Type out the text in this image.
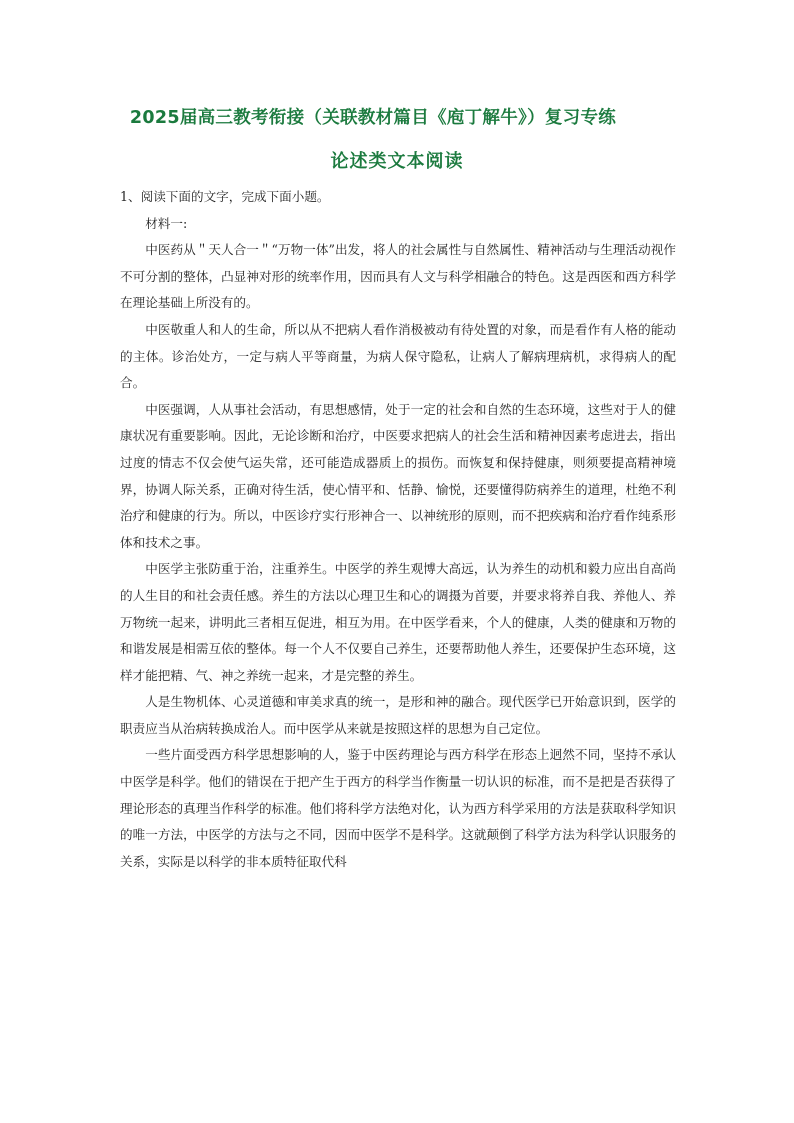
2025届高三教考衔接（关联教材篇目《庖丁解牛》）复习专练
论述类文本阅读

1、阅读下面的文字，完成下面小题。

材料一:

中医药从＂天人合一＂“万物一体”出发，将人的社会属性与自然属性、精神活动与生理活动视作不可分割的整体，凸显神对形的统率作用，因而具有人文与科学相融合的特色。这是西医和西方科学在理论基础上所没有的。

中医敬重人和人的生命，所以从不把病人看作消极被动有待处置的对象，而是看作有人格的能动的主体。诊治处方，一定与病人平等商量，为病人保守隐私，让病人了解病理病机，求得病人的配合。

中医强调，人从事社会活动，有思想感情，处于一定的社会和自然的生态环境，这些对于人的健康状况有重要影响。因此，无论诊断和治疗，中医要求把病人的社会生活和精神因素考虑进去，指出过度的情志不仅会使气运失常，还可能造成器质上的损伤。而恢复和保持健康，则须要提高精神境界，协调人际关系，正确对待生活，使心情平和、恬静、愉悦，还要懂得防病养生的道理，杜绝不利治疗和健康的行为。所以，中医诊疗实行形神合一、以神统形的原则，而不把疾病和治疗看作纯系形体和技术之事。

中医学主张防重于治，注重养生。中医学的养生观博大高远，认为养生的动机和毅力应出自高尚的人生目的和社会责任感。养生的方法以心理卫生和心的调摄为首要，并要求将养自我、养他人、养万物统一起来，讲明此三者相互促进，相互为用。在中医学看来，个人的健康，人类的健康和万物的和谐发展是相需互依的整体。每一个人不仅要自己养生，还要帮助他人养生，还要保护生态环境，这样才能把精、气、神之养统一起来，才是完整的养生。

人是生物机体、心灵道德和审美求真的统一，是形和神的融合。现代医学已开始意识到，医学的职责应当从治病转换成治人。而中医学从来就是按照这样的思想为自己定位。

一些片面受西方科学思想影响的人，鉴于中医药理论与西方科学在形态上迥然不同，坚持不承认中医学是科学。他们的错误在于把产生于西方的科学当作衡量一切认识的标准，而不是把是否获得了理论形态的真理当作科学的标准。他们将科学方法绝对化，认为西方科学采用的方法是获取科学知识的唯一方法，中医学的方法与之不同，因而中医学不是科学。这就颠倒了科学方法为科学认识服务的关系，实际是以科学的非本质特征取代科
